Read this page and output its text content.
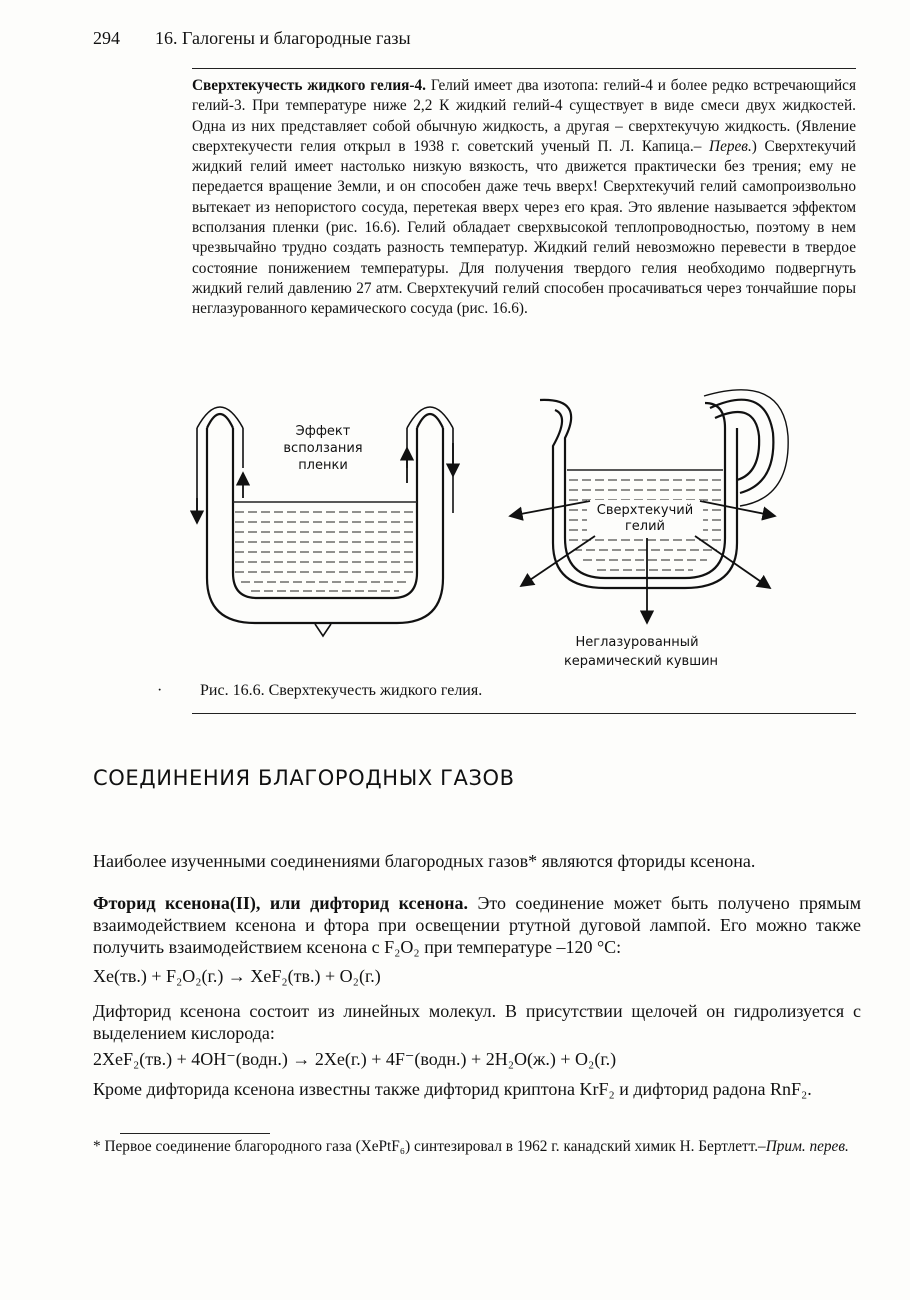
294 16. Галогены и благородные газы
Сверхтекучесть жидкого гелия-4. Гелий имеет два изотопа: гелий-4 и более редко встречающийся гелий-3. При температуре ниже 2,2 К жидкий гелий-4 существует в виде смеси двух жидкостей. Одна из них представляет собой обычную жидкость, а другая – сверхтекучую жидкость. (Явление сверхтекучести гелия открыл в 1938 г. советский ученый П. Л. Капица.– Перев.) Сверхтекучий жидкий гелий имеет настолько низкую вязкость, что движется практически без трения; ему не передается вращение Земли, и он способен даже течь вверх! Сверхтекучий гелий самопроизвольно вытекает из непористого сосуда, перетекая вверх через его края. Это явление называется эффектом всползания пленки (рис. 16.6). Гелий обладает сверхвысокой теплопроводностью, поэтому в нем чрезвычайно трудно создать разность температур. Жидкий гелий невозможно перевести в твердое состояние понижением температуры. Для получения твердого гелия необходимо подвергнуть жидкий гелий давлению 27 атм. Сверхтекучий гелий способен просачиваться через тончайшие поры неглазурованного керамического сосуда (рис. 16.6).
Эффект
всползания
пленки
Сверхтекучий
гелий
Неглазурованный
керамический кувшин
· Рис. 16.6. Сверхтекучесть жидкого гелия.
СОЕДИНЕНИЯ БЛАГОРОДНЫХ ГАЗОВ
Наиболее изученными соединениями благородных газов* являются фториды ксенона.
Фторид ксенона(II), или дифторид ксенона. Это соединение может быть получено прямым взаимодействием ксенона и фтора при освещении ртутной дуговой лампой. Его можно также получить взаимодействием ксенона с F₂O₂ при температуре –120 °С:
Xe(тв.) + F₂O₂(г.) → XeF₂(тв.) + O₂(г.)
Дифторид ксенона состоит из линейных молекул. В присутствии щелочей он гидролизуется с выделением кислорода:
2XeF₂(тв.) + 4OH⁻(водн.) → 2Xe(г.) + 4F⁻(водн.) + 2H₂O(ж.) + O₂(г.)
Кроме дифторида ксенона известны также дифторид криптона KrF₂ и дифторид радона RnF₂.
* Первое соединение благородного газа (XePtF₆) синтезировал в 1962 г. канадский химик Н. Бертлетт.–Прим. перев.
